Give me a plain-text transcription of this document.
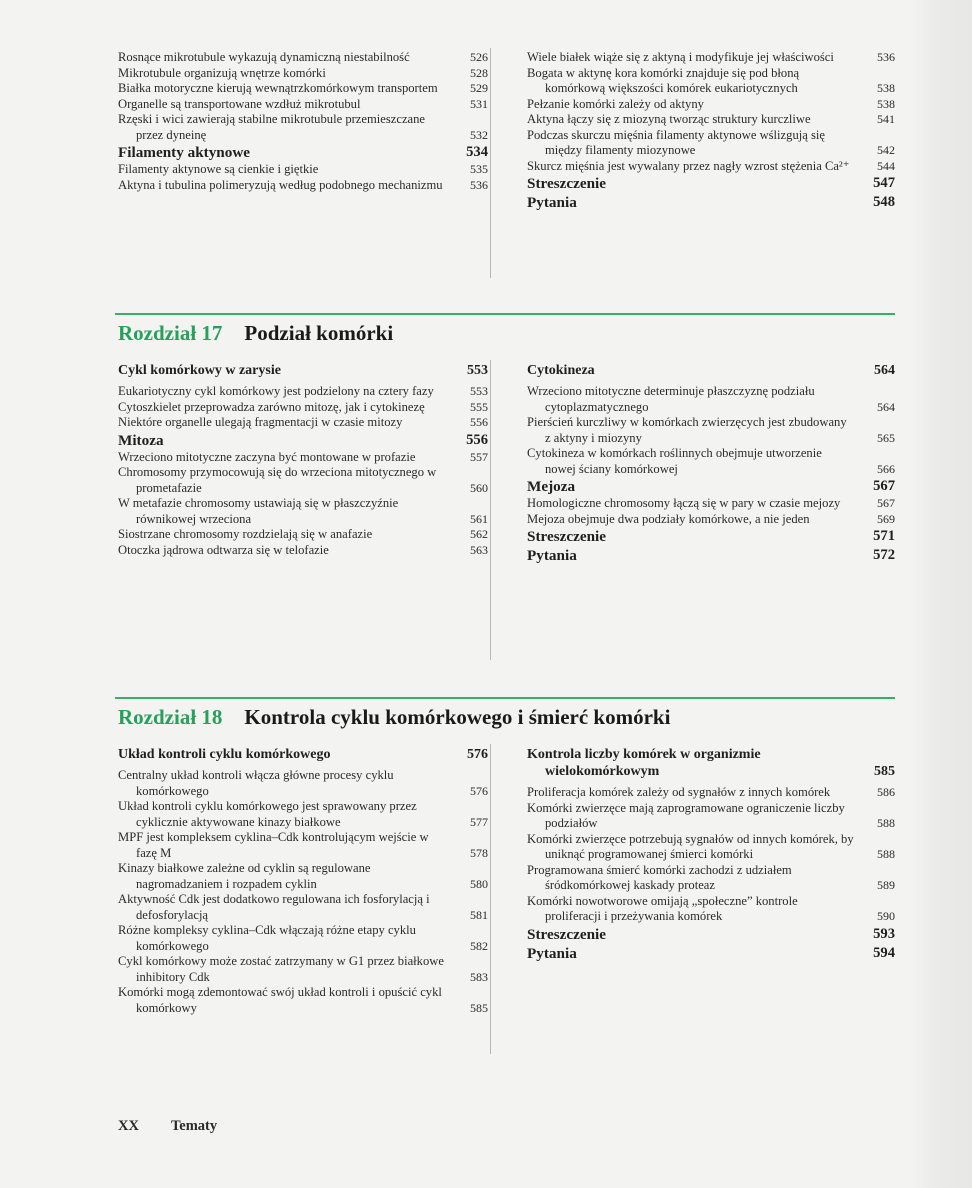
Rosnące mikrotubule wykazują dynamiczną niestabilność	526
Mikrotubule organizują wnętrze komórki	528
Białka motoryczne kierują wewnątrzkomórkowym transportem	529
Organelle są transportowane wzdłuż mikrotubul	531
Rzęski i wici zawierają stabilne mikrotubule przemieszczane przez dyneinę	532
Filamenty aktynowe	534
Filamenty aktynowe są cienkie i giętkie	535
Aktyna i tubulina polimeryzują według podobnego mechanizmu	536
Wiele białek wiąże się z aktyną i modyfikuje jej właściwości	536
Bogata w aktynę kora komórki znajduje się pod błoną komórkową większości komórek eukariotycznych	538
Pełzanie komórki zależy od aktyny	538
Aktyna łączy się z miozyną tworząc struktury kurczliwe	541
Podczas skurczu mięśnia filamenty aktynowe wślizgują się między filamenty miozynowe	542
Skurcz mięśnia jest wywalany przez nagły wzrost stężenia Ca²⁺	544
Streszczenie	547
Pytania	548
Rozdział 17 Podział komórki
Cykl komórkowy w zarysie	553
Eukariotyczny cykl komórkowy jest podzielony na cztery fazy	553
Cytoszkielet przeprowadza zarówno mitozę, jak i cytokinezę	555
Niektóre organelle ulegają fragmentacji w czasie mitozy	556
Mitoza	556
Wrzeciono mitotyczne zaczyna być montowane w profazie	557
Chromosomy przymocowują się do wrzeciona mitotycznego w prometafazie	560
W metafazie chromosomy ustawiają się w płaszczyźnie równikowej wrzeciona	561
Siostrzane chromosomy rozdzielają się w anafazie	562
Otoczka jądrowa odtwarza się w telofazie	563
Cytokineza	564
Wrzeciono mitotyczne determinuje płaszczyznę podziału cytoplazmatycznego	564
Pierścień kurczliwy w komórkach zwierzęcych jest zbudowany z aktyny i miozyny	565
Cytokineza w komórkach roślinnych obejmuje utworzenie nowej ściany komórkowej	566
Mejoza	567
Homologiczne chromosomy łączą się w pary w czasie mejozy	567
Mejoza obejmuje dwa podziały komórkowe, a nie jeden	569
Streszczenie	571
Pytania	572
Rozdział 18 Kontrola cyklu komórkowego i śmierć komórki
Układ kontroli cyklu komórkowego	576
Centralny układ kontroli włącza główne procesy cyklu komórkowego	576
Układ kontroli cyklu komórkowego jest sprawowany przez cyklicznie aktywowane kinazy białkowe	577
MPF jest kompleksem cyklina–Cdk kontrolującym wejście w fazę M	578
Kinazy białkowe zależne od cyklin są regulowane nagromadzaniem i rozpadem cyklin	580
Aktywność Cdk jest dodatkowo regulowana ich fosforylacją i defosforylacją	581
Różne kompleksy cyklina–Cdk włączają różne etapy cyklu komórkowego	582
Cykl komórkowy może zostać zatrzymany w G1 przez białkowe inhibitory Cdk	583
Komórki mogą zdemontować swój układ kontroli i opuścić cykl komórkowy	585
Kontrola liczby komórek w organizmie wielokomórkowym	585
Proliferacja komórek zależy od sygnałów z innych komórek	586
Komórki zwierzęce mają zaprogramowane ograniczenie liczby podziałów	588
Komórki zwierzęce potrzebują sygnałów od innych komórek, by uniknąć programowanej śmierci komórki	588
Programowana śmierć komórki zachodzi z udziałem śródkomórkowej kaskady proteaz	589
Komórki nowotworowe omijają „społeczne” kontrole proliferacji i przeżywania komórek	590
Streszczenie	593
Pytania	594
XX Tematy
